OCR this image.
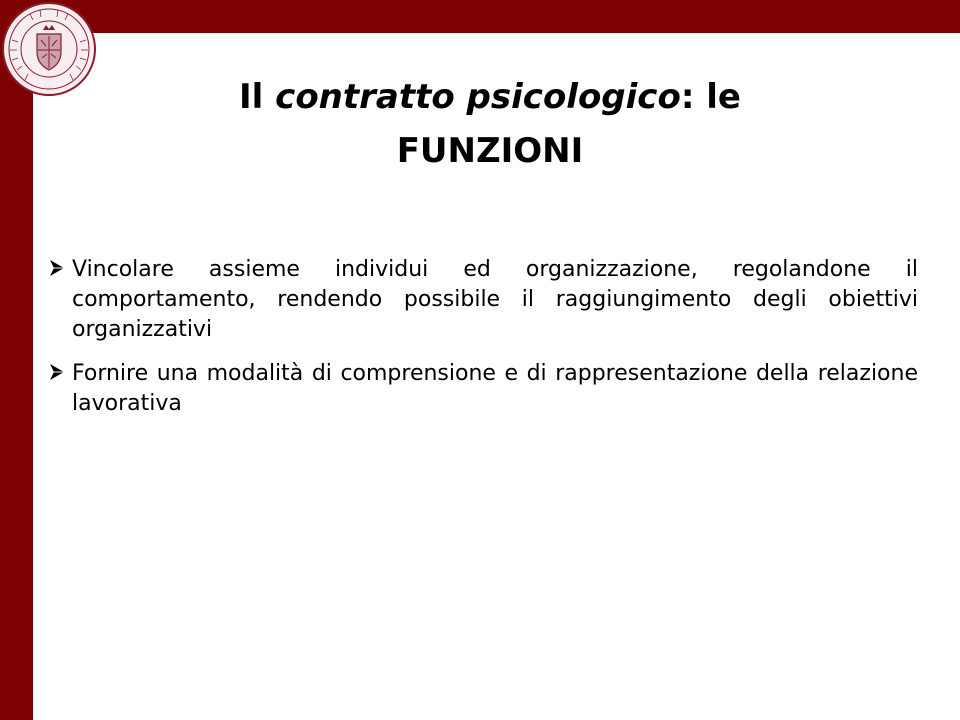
Il contratto psicologico: le
FUNZIONI
Vincolare assieme individui ed organizzazione, regolandone il comportamento, rendendo possibile il raggiungimento degli obiettivi organizzativi
Fornire una modalità di comprensione e di rappresentazione della relazione lavorativa
